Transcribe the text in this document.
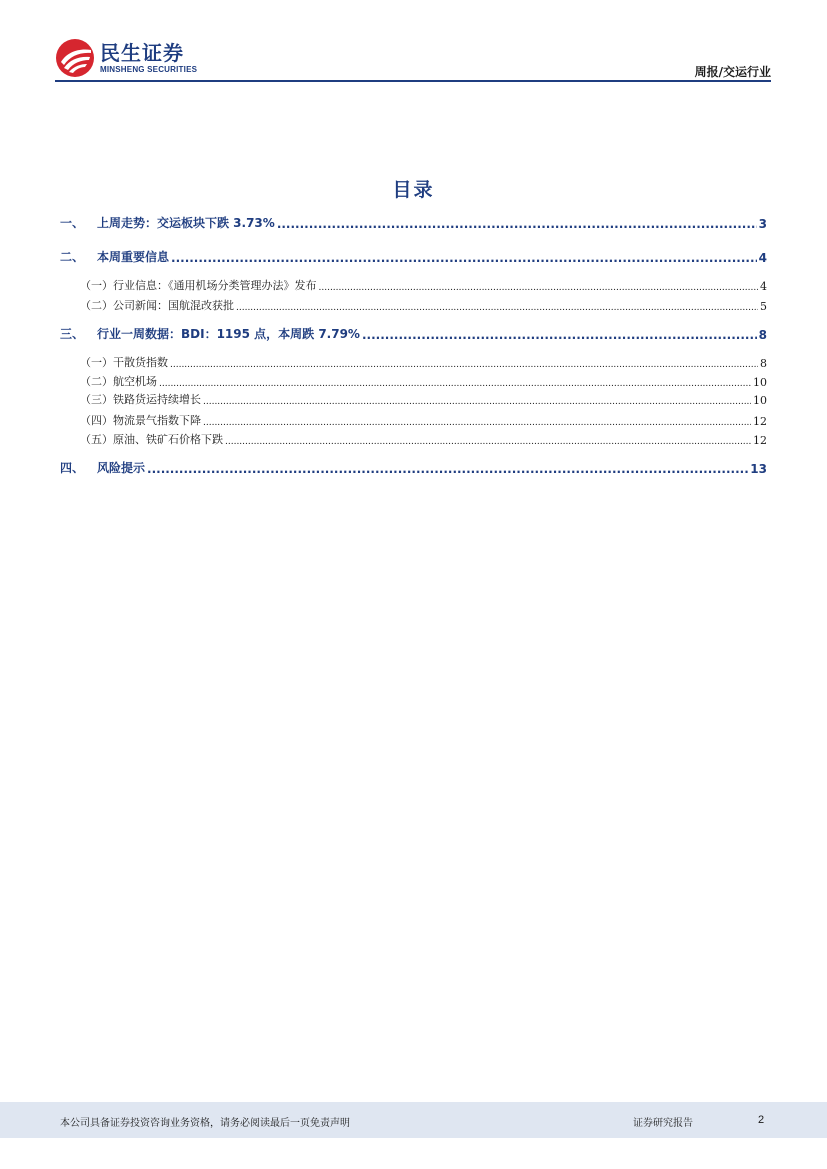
民生证券
MINSHENG SECURITIES	周报/交运行业
目录
一、 上周走势：交运板块下跌 3.73% .....	3
二、 本周重要信息 .....	4
（一）行业信息：《通用机场分类管理办法》发布 .....	4
（二）公司新闻：国航混改获批 .....	5
三、 行业一周数据：BDI：1195 点，本周跌 7.79% .....	8
（一）干散货指数 .....	8
（二）航空机场 .....	10
（三）铁路货运持续增长 .....	10
（四）物流景气指数下降 .....	12
（五）原油、铁矿石价格下跌 .....	12
四、 风险提示 .....	13
本公司具备证券投资咨询业务资格，请务必阅读最后一页免责声明	证券研究报告	2
